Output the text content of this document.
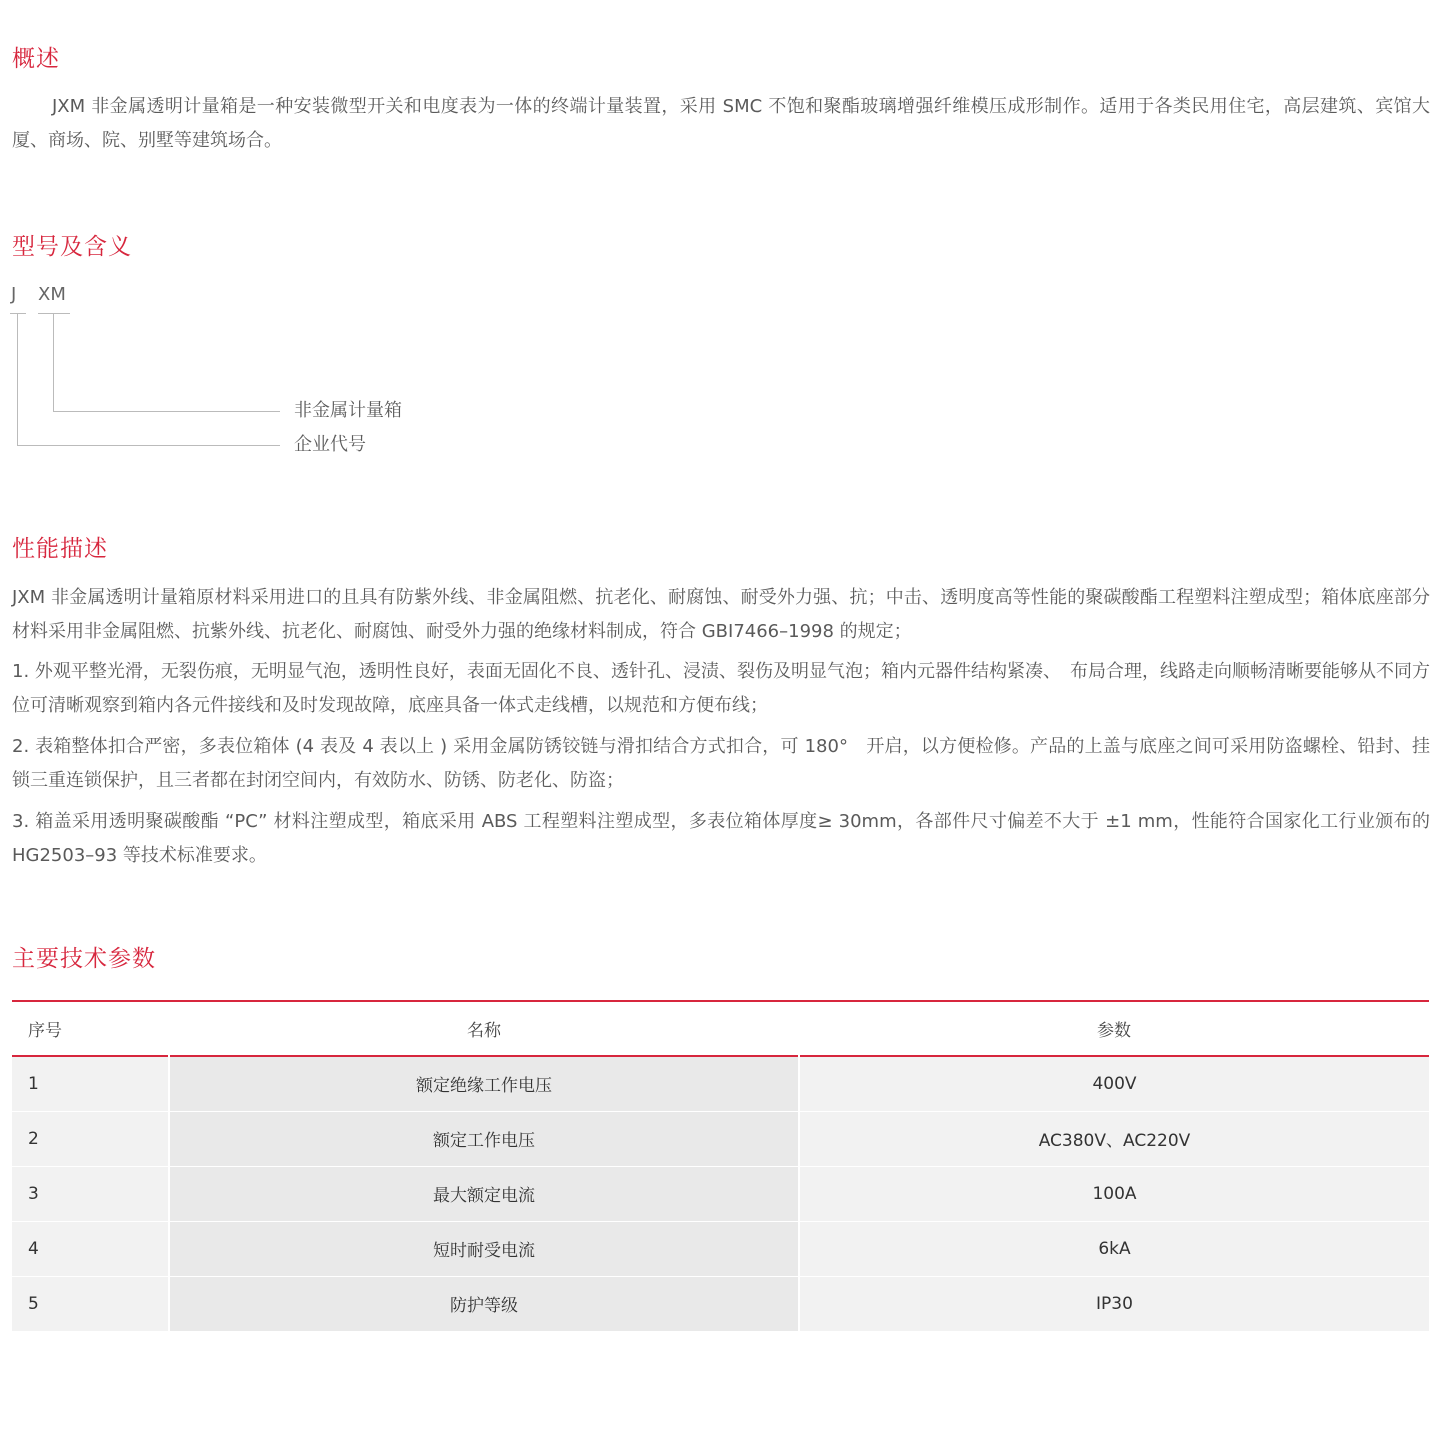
概述

JXM 非金属透明计量箱是一种安装微型开关和电度表为一体的终端计量装置，采用 SMC 不饱和聚酯玻璃增强纤维模压成形制作。适用于各类民用住宅，高层建筑、宾馆大厦、商场、院、别墅等建筑场合。

型号及含义
J XM
非金属计量箱
企业代号
性能描述

JXM 非金属透明计量箱原材料采用进口的且具有防紫外线、非金属阻燃、抗老化、耐腐蚀、耐受外力强、抗；中击、透明度高等性能的聚碳酸酯工程塑料注塑成型；箱体底座部分材料采用非金属阻燃、抗紫外线、抗老化、耐腐蚀、耐受外力强的绝缘材料制成，符合 GBI7466–1998 的规定；

1. 外观平整光滑，无裂伤痕，无明显气泡，透明性良好，表面无固化不良、透针孔、浸渍、裂伤及明显气泡；箱内元器件结构紧凑、　布局合理，线路走向顺畅清晰要能够从不同方位可清晰观察到箱内各元件接线和及时发现故障，底座具备一体式走线槽，以规范和方便布线；

2. 表箱整体扣合严密，多表位箱体 (4 表及 4 表以上 ) 采用金属防锈铰链与滑扣结合方式扣合，可 180°　开启，以方便检修。产品的上盖与底座之间可采用防盗螺栓、铅封、挂锁三重连锁保护，且三者都在封闭空间内，有效防水、防锈、防老化、防盗；

3. 箱盖采用透明聚碳酸酯 “PC” 材料注塑成型，箱底采用 ABS 工程塑料注塑成型，多表位箱体厚度≥ 30mm，各部件尺寸偏差不大于 ±1 mm，性能符合国家化工行业颁布的 HG2503–93 等技术标准要求。

主要技术参数
序号	名称	参数
1	额定绝缘工作电压	400V
2	额定工作电压	AC380V、AC220V
3	最大额定电流	100A
4	短时耐受电流	6kA
5	防护等级	IP30
